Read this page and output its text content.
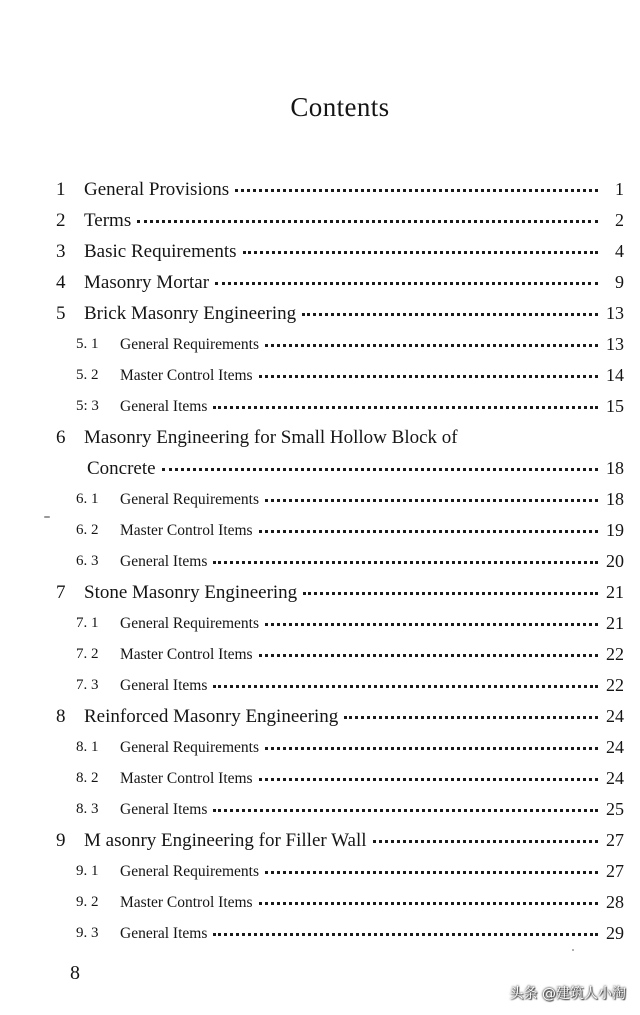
Contents
1 General Provisions	1
2 Terms	2
3 Basic Requirements	4
4 Masonry Mortar	9
5 Brick Masonry Engineering	13
5. 1	General Requirements	13
5. 2	Master Control Items	14
5: 3	General Items	15
6 Masonry Engineering for Small Hollow Block of
Concrete	18
6. 1	General Requirements	18
6. 2	Master Control Items	19
6. 3	General Items	20
7 Stone Masonry Engineering	21
7. 1	General Requirements	21
7. 2	Master Control Items	22
7. 3	General Items	22
8 Reinforced Masonry Engineering	24
8. 1	General Requirements	24
8. 2	Master Control Items	24
8. 3	General Items	25
9 M asonry Engineering for Filler Wall	27
9. 1	General Requirements	27
9. 2	Master Control Items	28
9. 3	General Items	29
8
头条 @建筑人小淘
